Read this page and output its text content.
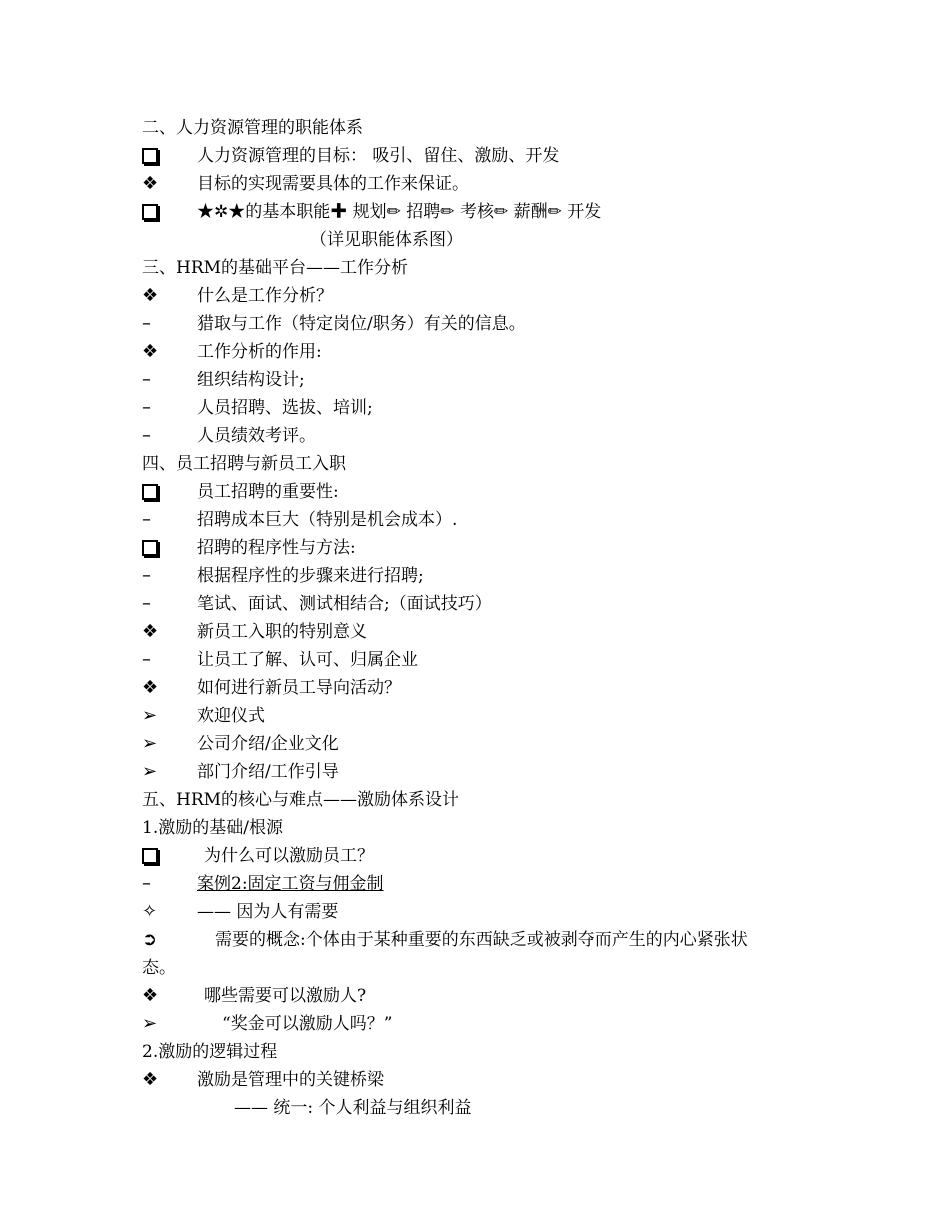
二、人力资源管理的职能体系
人力资源管理的目标： 吸引、留住、激励、开发
❖	目标的实现需要具体的工作来保证。
★✲★的基本职能✚ 规划✏ 招聘✏ 考核✏ 薪酬✏ 开发
（详见职能体系图）
三、HRM的基础平台——工作分析
❖	什么是工作分析？
–	猎取与工作（特定岗位/职务）有关的信息。
❖	工作分析的作用:
–	组织结构设计;
–	人员招聘、选拔、培训;
–	人员绩效考评。
四、员工招聘与新员工入职
员工招聘的重要性:
–	招聘成本巨大（特别是机会成本）.
招聘的程序性与方法:
–	根据程序性的步骤来进行招聘;
–	笔试、面试、测试相结合;（面试技巧）
❖	新员工入职的特别意义
–	让员工了解、认可、归属企业
❖	如何进行新员工导向活动？
➢	欢迎仪式
➢	公司介绍/企业文化
➢	部门介绍/工作引导
五、HRM的核心与难点——激励体系设计
1.激励的基础/根源
为什么可以激励员工？
–	案例2:固定工资与佣金制
✧	—— 因为人有需要
➲	需要的概念:个体由于某种重要的东西缺乏或被剥夺而产生的内心紧张状
态。
❖	哪些需要可以激励人?
➢	“奖金可以激励人吗？”
2.激励的逻辑过程
❖	激励是管理中的关键桥梁
—— 统一: 个人利益与组织利益
